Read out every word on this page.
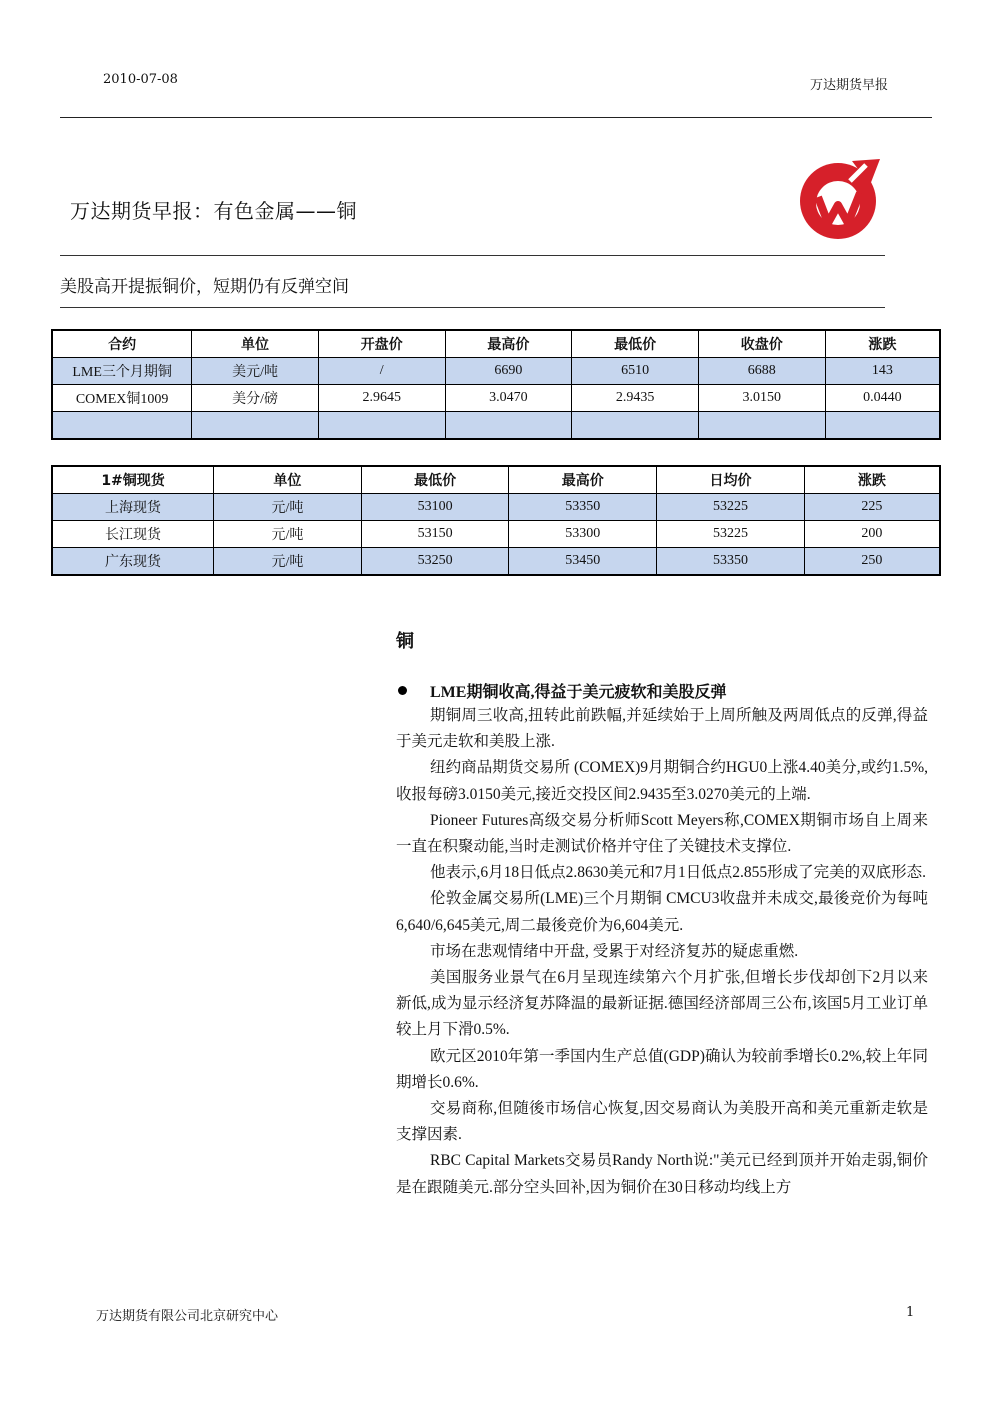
2010-07-08	万达期货早报
万达期货早报：有色金属——铜
美股高开提振铜价，短期仍有反弹空间
合约	单位	开盘价	最高价	最低价	收盘价	涨跌
LME三个月期铜	美元/吨	/	6690	6510	6688	143
COMEX铜1009	美分/磅	2.9645	3.0470	2.9435	3.0150	0.0440

1#铜现货	单位	最低价	最高价	日均价	涨跌
上海现货	元/吨	53100	53350	53225	225
长江现货	元/吨	53150	53300	53225	200
广东现货	元/吨	53250	53450	53350	250
铜
LME期铜收高,得益于美元疲软和美股反弹

期铜周三收高,扭转此前跌幅,并延续始于上周所触及两周低点的反弹,得益于美元走软和美股上涨.

纽约商品期货交易所 (COMEX)9月期铜合约HGU0上涨4.40美分,或约1.5%,收报每磅3.0150美元,接近交投区间2.9435至3.0270美元的上端.

Pioneer Futures高级交易分析师Scott Meyers称,COMEX期铜市场自上周来一直在积聚动能,当时走测试价格并守住了关键技术支撑位.

他表示,6月18日低点2.8630美元和7月1日低点2.855形成了完美的双底形态.

伦敦金属交易所(LME)三个月期铜 CMCU3收盘并未成交,最後竞价为每吨6,640/6,645美元,周二最後竞价为6,604美元.

市场在悲观情绪中开盘, 受累于对经济复苏的疑虑重燃.

美国服务业景气在6月呈现连续第六个月扩张,但增长步伐却创下2月以来新低,成为显示经济复苏降温的最新证据.德国经济部周三公布,该国5月工业订单较上月下滑0.5%.

欧元区2010年第一季国内生产总值(GDP)确认为较前季增长0.2%,较上年同期增长0.6%.

交易商称,但随後市场信心恢复,因交易商认为美股开高和美元重新走软是支撑因素.

RBC Capital Markets交易员Randy North说:"美元已经到顶并开始走弱,铜价是在跟随美元.部分空头回补,因为铜价在30日移动均线上方

万达期货有限公司北京研究中心	1
